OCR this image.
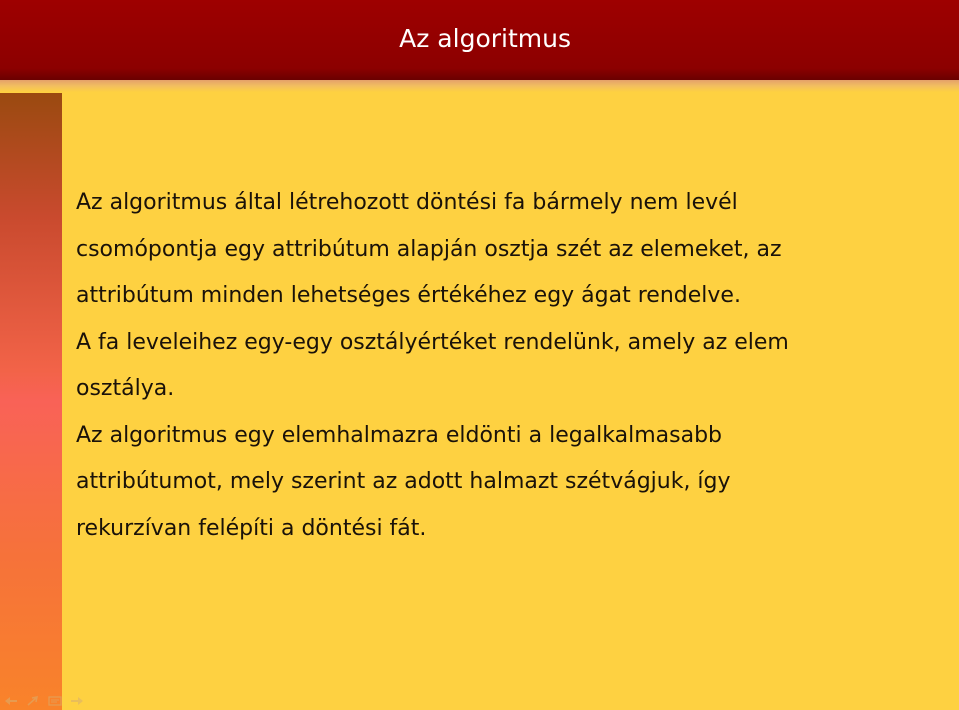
Az algoritmus

Az algoritmus által létrehozott döntési fa bármely nem levél
csomópontja egy attribútum alapján osztja szét az elemeket, az
attribútum minden lehetséges értékéhez egy ágat rendelve.

A fa leveleihez egy-egy osztályértéket rendelünk, amely az elem
osztálya.

Az algoritmus egy elemhalmazra eldönti a legalkalmasabb
attribútumot, mely szerint az adott halmazt szétvágjuk, így
rekurzívan felépíti a döntési fát.
